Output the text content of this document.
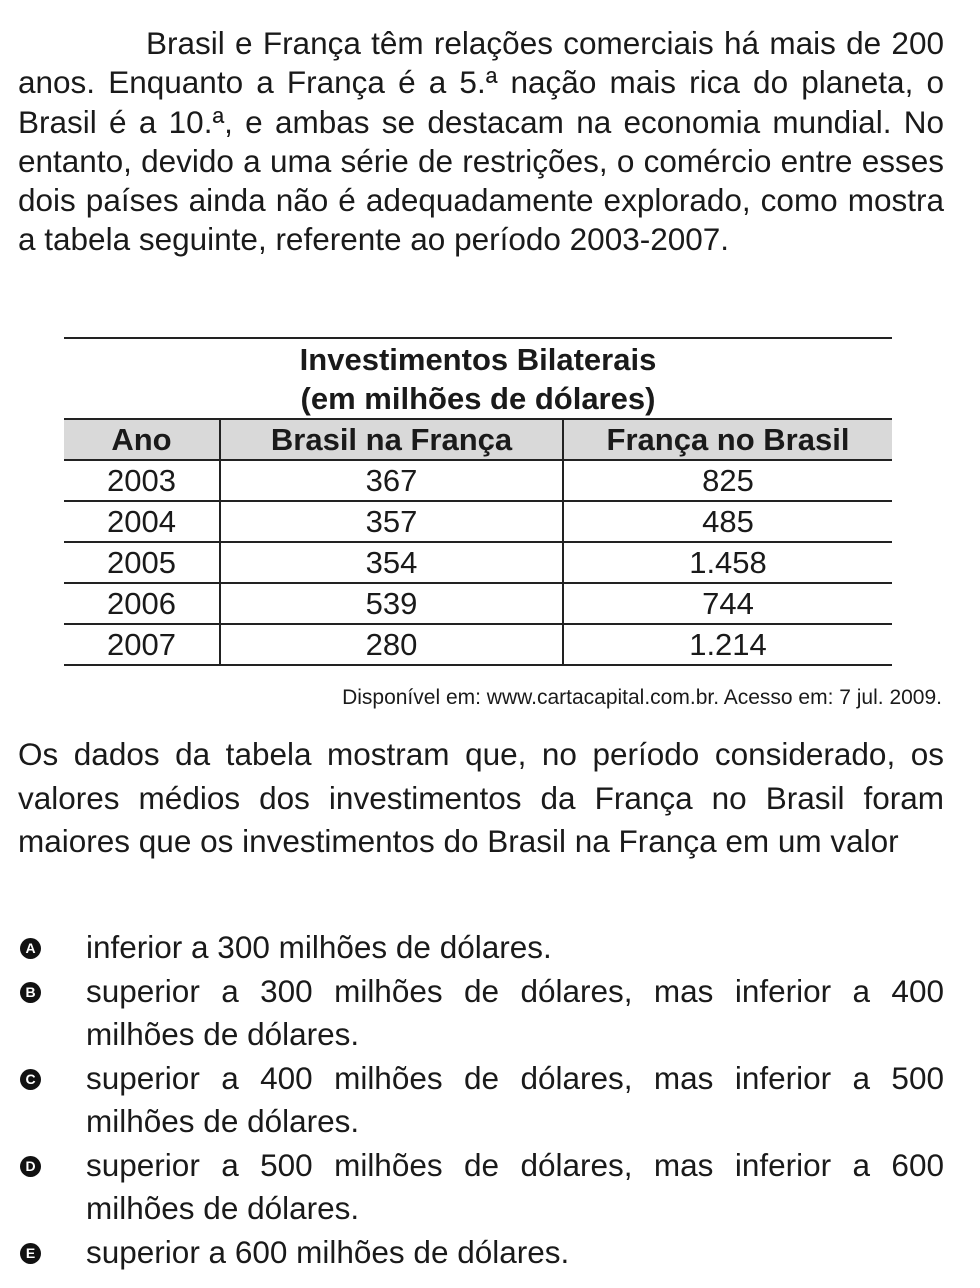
Brasil e França têm relações comerciais há mais de 200 anos. Enquanto a França é a 5.ª nação mais rica do planeta, o Brasil é a 10.ª, e ambas se destacam na economia mundial. No entanto, devido a uma série de restrições, o comércio entre esses dois países ainda não é adequadamente explorado, como mostra a tabela seguinte, referente ao período 2003-2007.

Investimentos Bilaterais
(em milhões de dólares)
Ano	Brasil na França	França no Brasil
2003	367	825
2004	357	485
2005	354	1.458
2006	539	744
2007	280	1.214

Disponível em: www.cartacapital.com.br. Acesso em: 7 jul. 2009.

Os dados da tabela mostram que, no período considerado, os valores médios dos investimentos da França no Brasil foram maiores que os investimentos do Brasil na França em um valor

A inferior a 300 milhões de dólares.
B superior a 300 milhões de dólares, mas inferior a 400 milhões de dólares.
C superior a 400 milhões de dólares, mas inferior a 500 milhões de dólares.
D superior a 500 milhões de dólares, mas inferior a 600 milhões de dólares.
E superior a 600 milhões de dólares.
